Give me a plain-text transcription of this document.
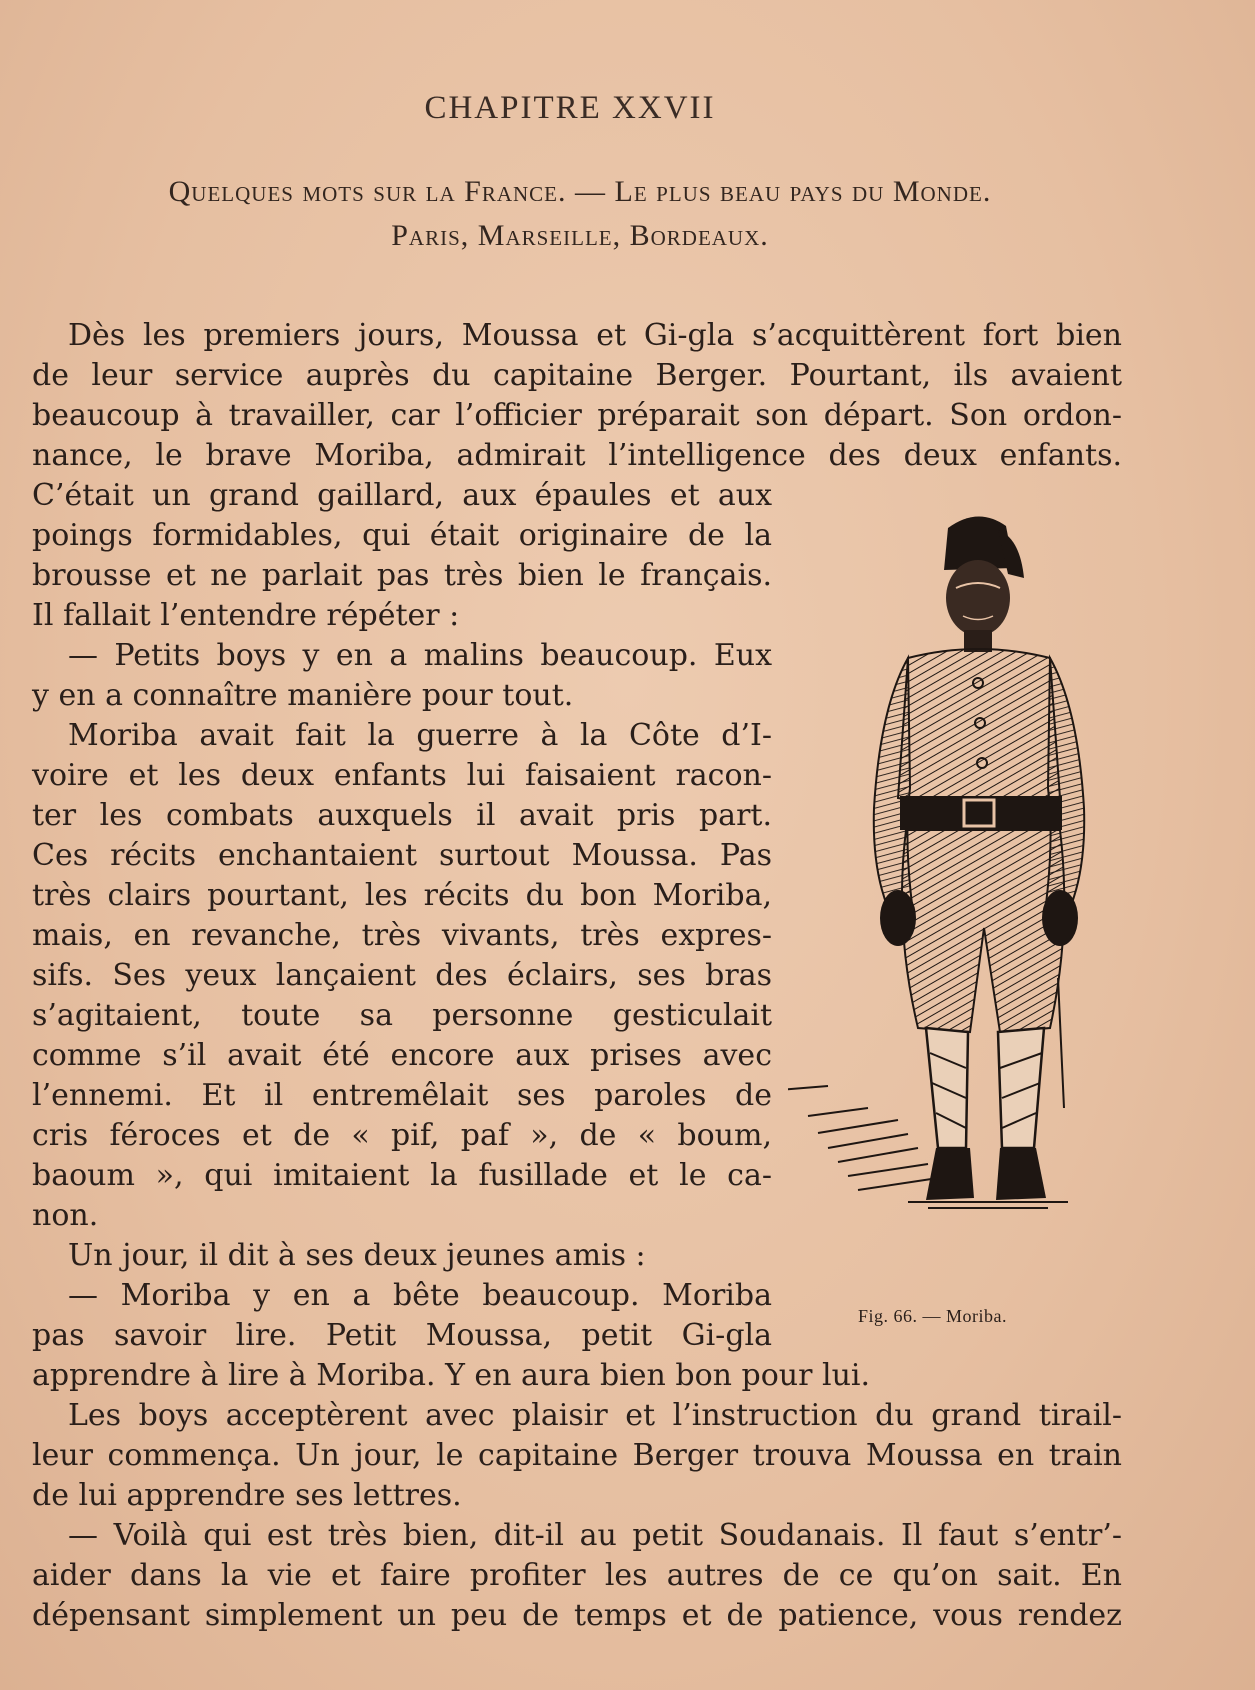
CHAPITRE XXVII
Quelques mots sur la France. — Le plus beau pays du Monde.
Paris, Marseille, Bordeaux.
Dès les premiers jours, Moussa et Gi-gla s’acquittèrent fort bien
de leur service auprès du capitaine Berger. Pourtant, ils avaient
beaucoup à travailler, car l’officier préparait son départ. Son ordon-
nance, le brave Moriba, admirait l’intelligence des deux enfants.
C’était un grand gaillard, aux épaules et aux
poings formidables, qui était originaire de la
brousse et ne parlait pas très bien le français.
Il fallait l’entendre répéter :
— Petits boys y en a malins beaucoup. Eux
y en a connaître manière pour tout.
Moriba avait fait la guerre à la Côte d’I-
voire et les deux enfants lui faisaient racon-
ter les combats auxquels il avait pris part.
Ces récits enchantaient surtout Moussa. Pas
très clairs pourtant, les récits du bon Moriba,
mais, en revanche, très vivants, très expres-
sifs. Ses yeux lançaient des éclairs, ses bras
s’agitaient, toute sa personne gesticulait
comme s’il avait été encore aux prises avec
l’ennemi. Et il entremêlait ses paroles de
cris féroces et de « pif, paf », de « boum,
baoum », qui imitaient la fusillade et le ca-
non.
Un jour, il dit à ses deux jeunes amis :
— Moriba y en a bête beaucoup. Moriba
pas savoir lire. Petit Moussa, petit Gi-gla
apprendre à lire à Moriba. Y en aura bien bon pour lui.
Les boys acceptèrent avec plaisir et l’instruction du grand tirail-
leur commença. Un jour, le capitaine Berger trouva Moussa en train
de lui apprendre ses lettres.
— Voilà qui est très bien, dit-il au petit Soudanais. Il faut s’entr’-
aider dans la vie et faire profiter les autres de ce qu’on sait. En
dépensant simplement un peu de temps et de patience, vous rendez
Fig. 66. — Moriba.
